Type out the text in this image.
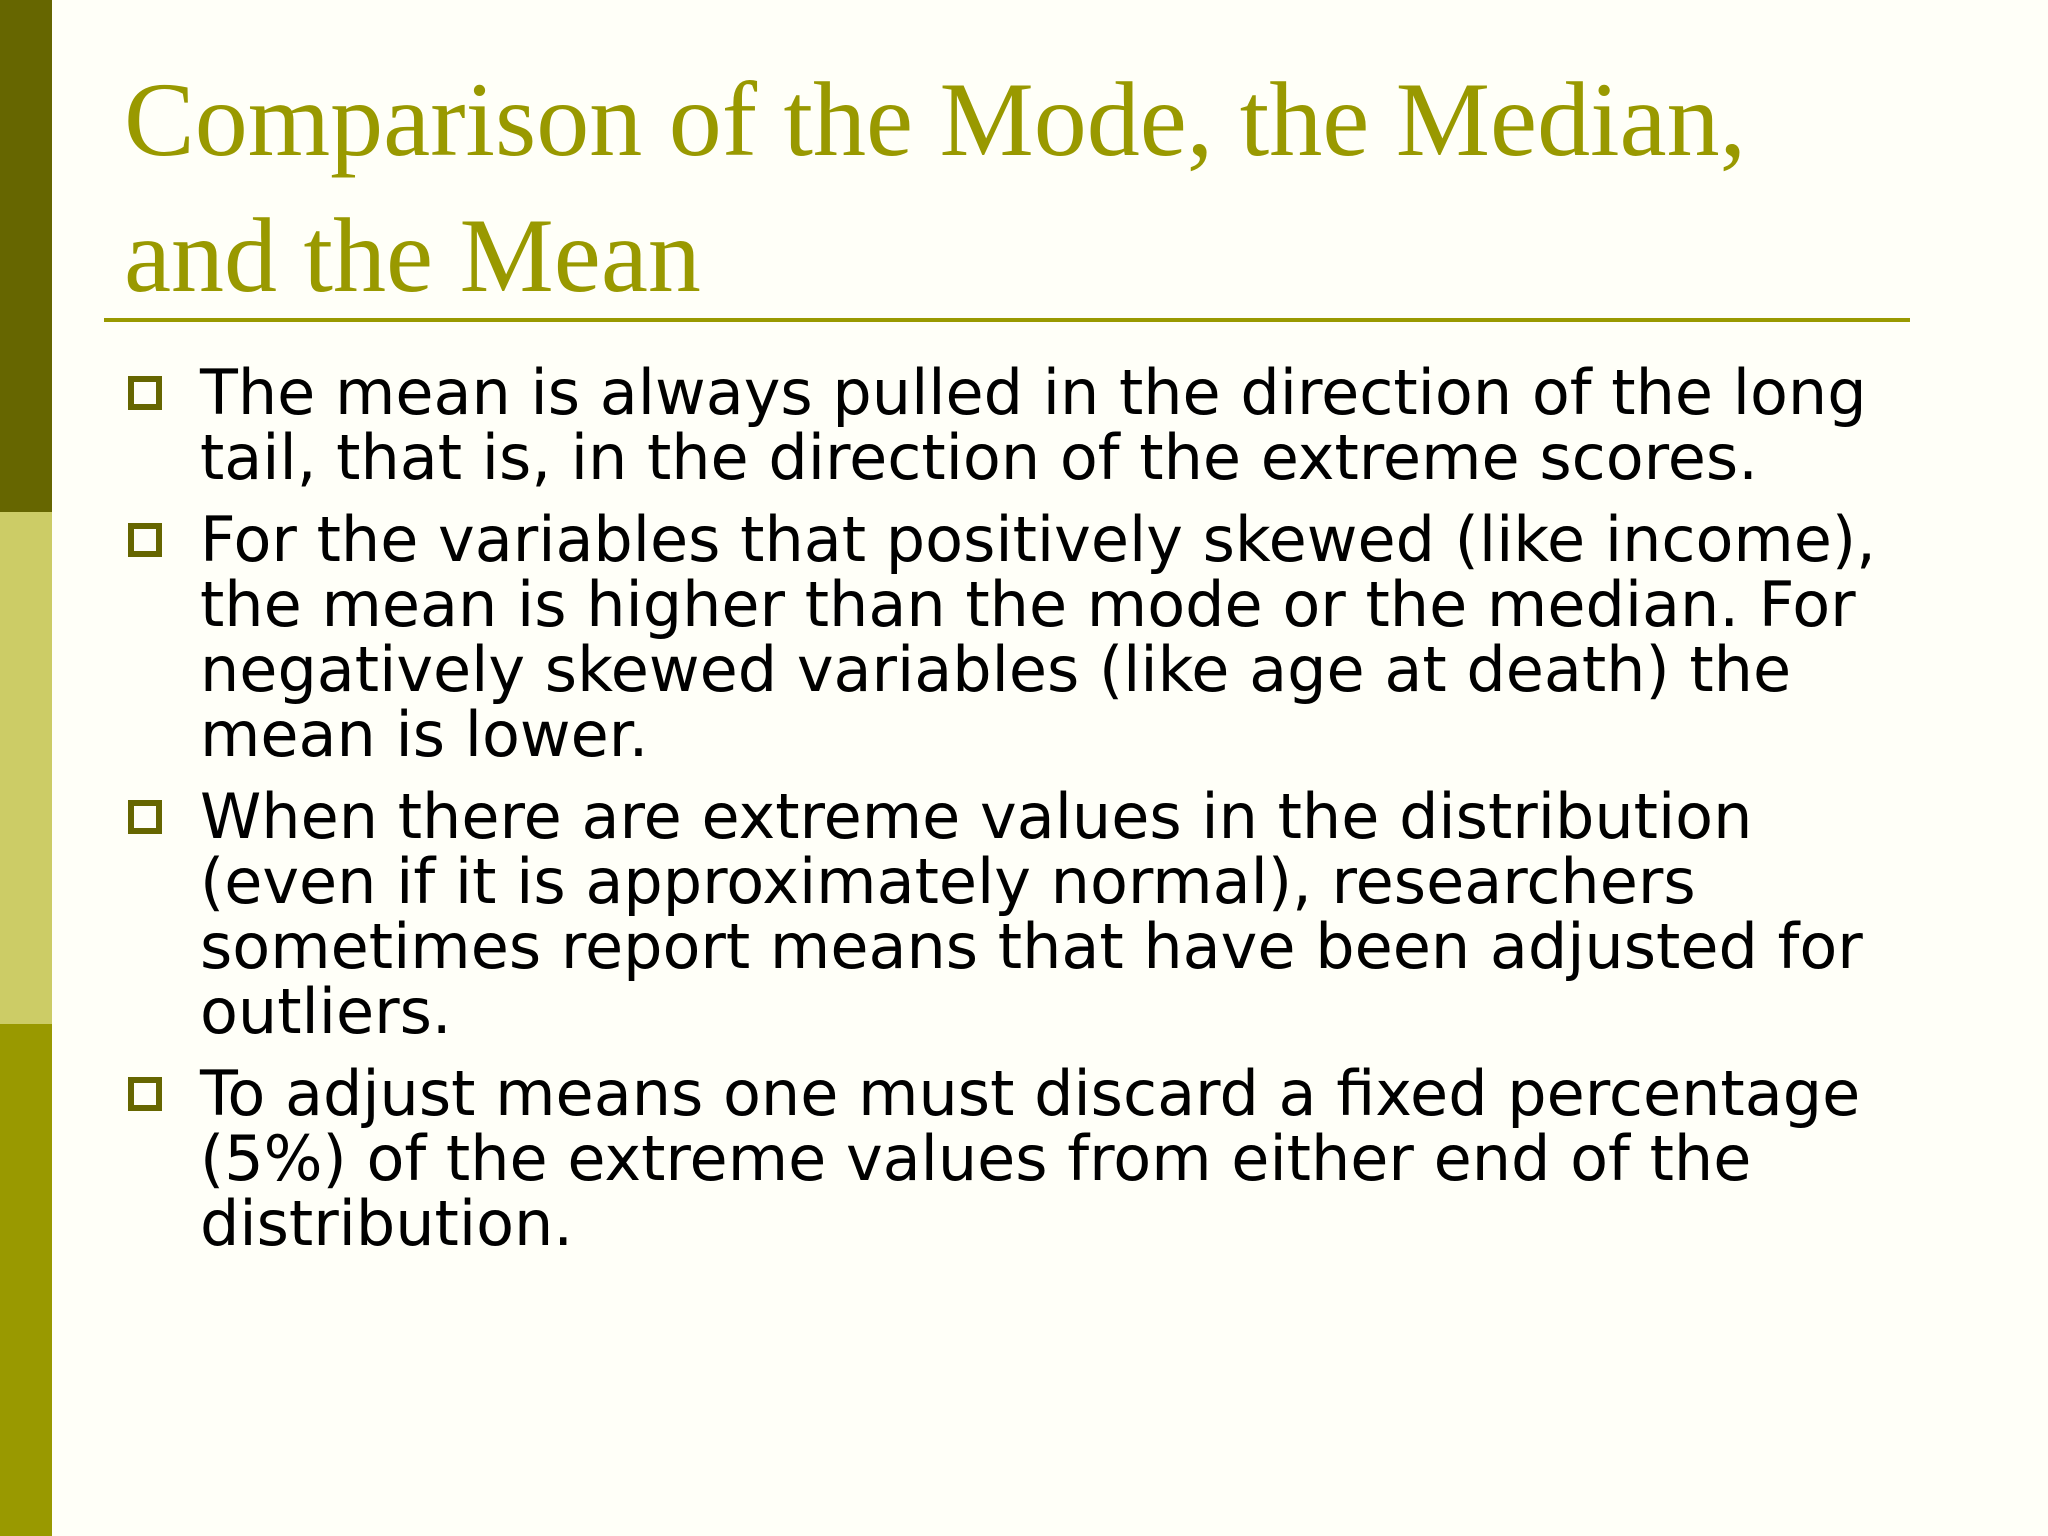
Comparison of the Mode, the Median, and the Mean
The mean is always pulled in the direction of the long tail, that is, in the direction of the extreme scores.
For the variables that positively skewed (like income), the mean is higher than the mode or the median. For negatively skewed variables (like age at death) the mean is lower.
When there are extreme values in the distribution (even if it is approximately normal), researchers sometimes report means that have been adjusted for outliers.
To adjust means one must discard a fixed percentage (5%) of the extreme values from either end of the distribution.
